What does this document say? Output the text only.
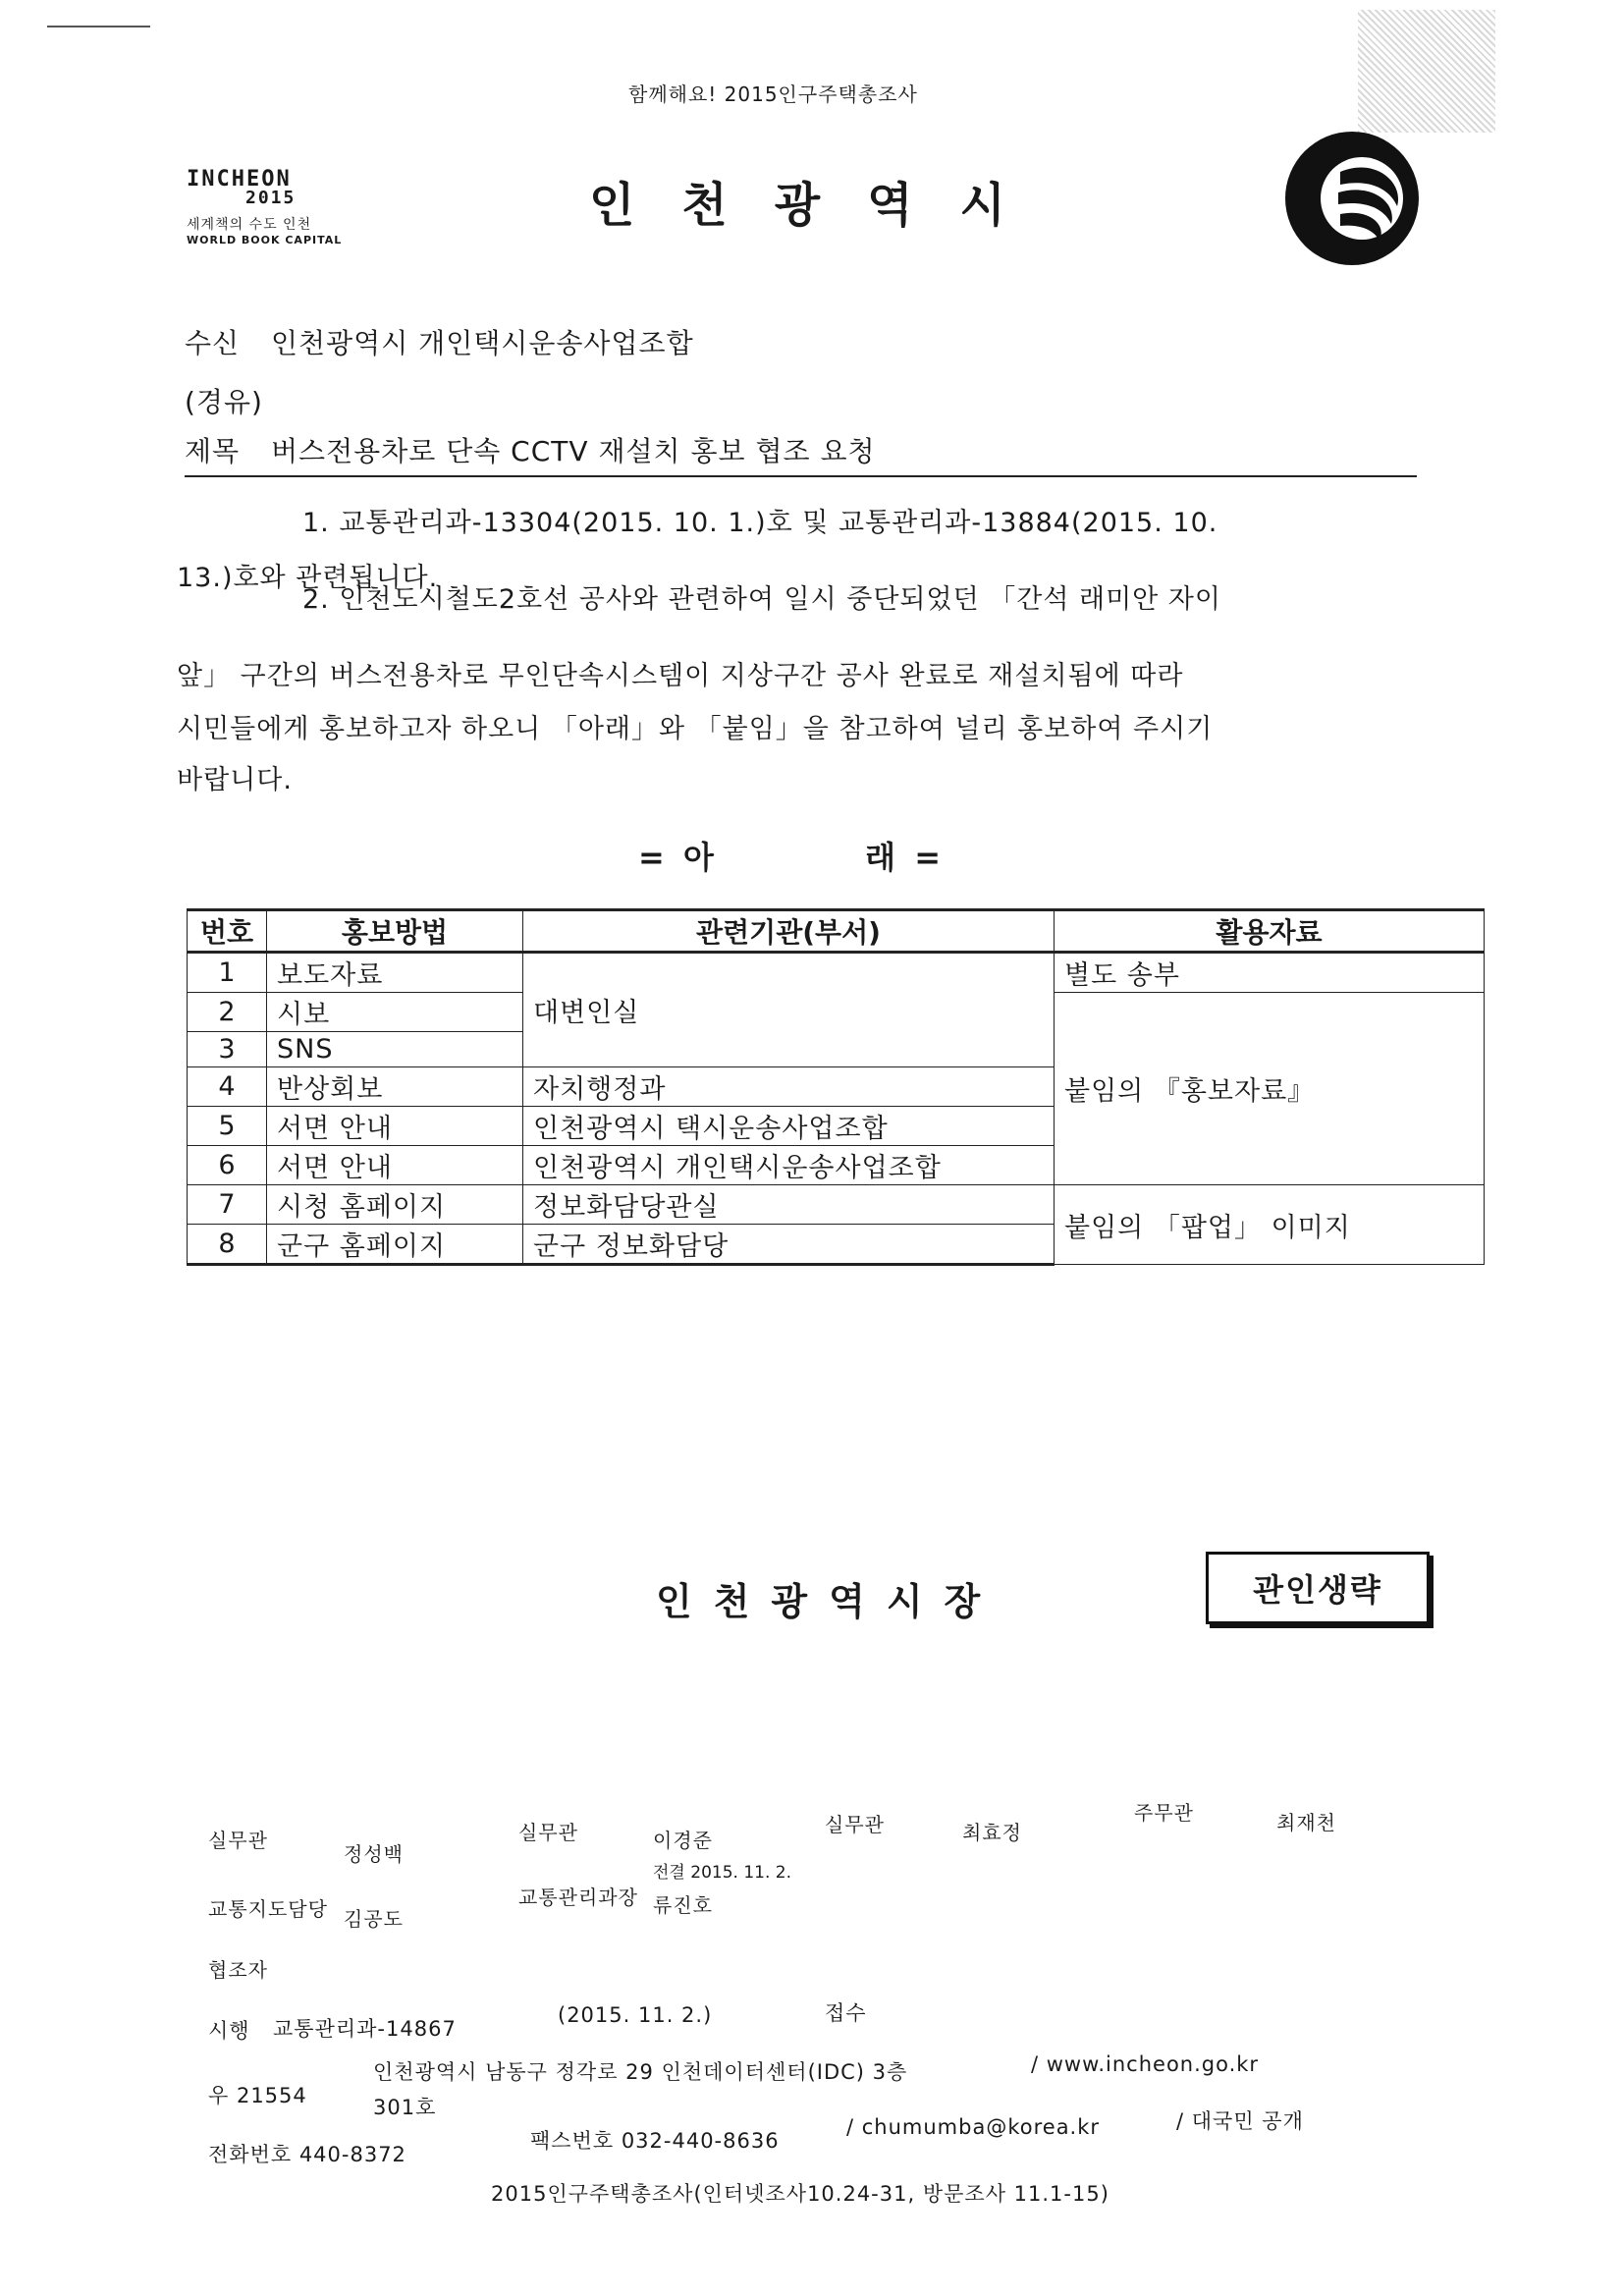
함께해요! 2015인구주택총조사
INCHEON
2015
세계책의 수도 인천
WORLD BOOK CAPITAL
인천광역시
수신 인천광역시 개인택시운송사업조합
(경유)
제목 버스전용차로 단속 CCTV 재설치 홍보 협조 요청
1. 교통관리과-13304(2015. 10. 1.)호 및 교통관리과-13884(2015. 10.
13.)호와 관련됩니다.
2. 인천도시철도2호선 공사와 관련하여 일시 중단되었던 「간석 래미안 자이
앞」 구간의 버스전용차로 무인단속시스템이 지상구간 공사 완료로 재설치됨에 따라
시민들에게 홍보하고자 하오니 「아래」와 「붙임」을 참고하여 널리 홍보하여 주시기
바랍니다.
= 아	래 =
번호	홍보방법	관련기관(부서)	활용자료
1	보도자료	대변인실	별도 송부
2	시보		붙임의 『홍보자료』
3	SNS		
4	반상회보	자치행정과	
5	서면 안내	인천광역시 택시운송사업조합	
6	서면 안내	인천광역시 개인택시운송사업조합	
7	시청 홈페이지	정보화담당관실	붙임의 「팝업」 이미지
8	군구 홈페이지	군구 정보화담당	
인천광역시장	관인생략
실무관
정성백
실무관	이경준
실무관	최효정
주무관	최재천
교통지도담당 김공도
교통관리과장
전결 2015. 11. 2.
류진호
협조자
시행 교통관리과-14867
(2015. 11. 2.)	접수
우 21554
인천광역시 남동구 정각로 29 인천데이터센터(IDC) 3층
301호
/ www.incheon.go.kr
전화번호 440-8372
팩스번호 032-440-8636
/ chumumba@korea.kr	/ 대국민 공개
2015인구주택총조사(인터넷조사10.24-31, 방문조사 11.1-15)
